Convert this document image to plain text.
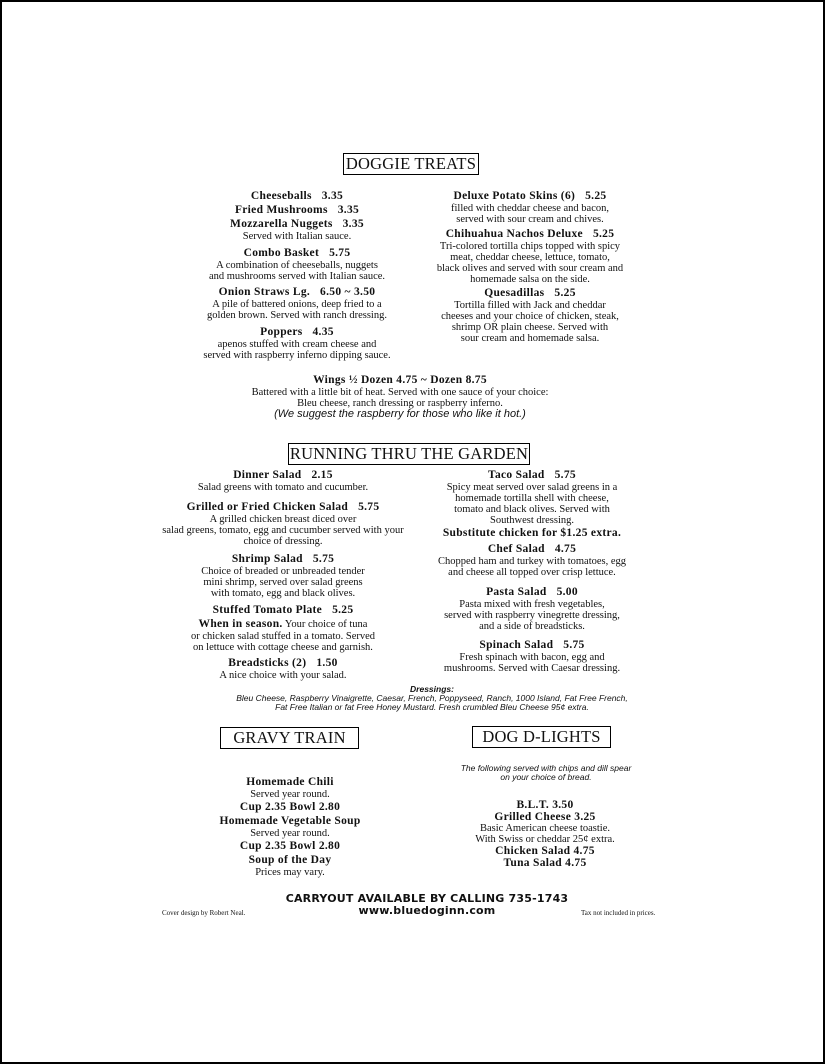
DOGGIE TREATS
Cheeseballs 3.35
Fried Mushrooms 3.35
Mozzarella Nuggets 3.35
Served with Italian sauce.
Combo Basket 5.75
A combination of cheeseballs, nuggets
and mushrooms served with Italian sauce.
Onion Straws Lg. 6.50 ~ 3.50
A pile of battered onions, deep fried to a
golden brown. Served with ranch dressing.
Poppers 4.35
apenos stuffed with cream cheese and
served with raspberry inferno dipping sauce.
Deluxe Potato Skins (6) 5.25
filled with cheddar cheese and bacon,
served with sour cream and chives.
Chihuahua Nachos Deluxe 5.25
Tri-colored tortilla chips topped with spicy
meat, cheddar cheese, lettuce, tomato,
black olives and served with sour cream and
homemade salsa on the side.
Quesadillas 5.25
Tortilla filled with Jack and cheddar
cheeses and your choice of chicken, steak,
shrimp OR plain cheese. Served with
sour cream and homemade salsa.
Wings ½ Dozen 4.75 ~ Dozen 8.75
Battered with a little bit of heat. Served with one sauce of your choice:
Bleu cheese, ranch dressing or raspberry inferno.
(We suggest the raspberry for those who like it hot.)
RUNNING THRU THE GARDEN
Dinner Salad 2.15
Salad greens with tomato and cucumber.
Grilled or Fried Chicken Salad 5.75
A grilled chicken breast diced over
salad greens, tomato, egg and cucumber served with your
choice of dressing.
Shrimp Salad 5.75
Choice of breaded or unbreaded tender
mini shrimp, served over salad greens
with tomato, egg and black olives.
Stuffed Tomato Plate 5.25
When in season. Your choice of tuna
or chicken salad stuffed in a tomato. Served
on lettuce with cottage cheese and garnish.
Breadsticks (2) 1.50
A nice choice with your salad.
Taco Salad 5.75
Spicy meat served over salad greens in a
homemade tortilla shell with cheese,
tomato and black olives. Served with
Southwest dressing.
Substitute chicken for $1.25 extra.
Chef Salad 4.75
Chopped ham and turkey with tomatoes, egg
and cheese all topped over crisp lettuce.
Pasta Salad 5.00
Pasta mixed with fresh vegetables,
served with raspberry vinegrette dressing,
and a side of breadsticks.
Spinach Salad 5.75
Fresh spinach with bacon, egg and
mushrooms. Served with Caesar dressing.
Dressings:
Bleu Cheese, Raspberry Vinaigrette, Caesar, French, Poppyseed, Ranch, 1000 Island, Fat Free French,
Fat Free Italian or fat Free Honey Mustard. Fresh crumbled Bleu Cheese 95¢ extra.
GRAVY TRAIN
Homemade Chili
Served year round.
Cup 2.35 Bowl 2.80
Homemade Vegetable Soup
Served year round.
Cup 2.35 Bowl 2.80
Soup of the Day
Prices may vary.
DOG D-LIGHTS
The following served with chips and dill spear
on your choice of bread.
B.L.T. 3.50
Grilled Cheese 3.25
Basic American cheese toastie.
With Swiss or cheddar 25¢ extra.
Chicken Salad 4.75
Tuna Salad 4.75
CARRYOUT AVAILABLE BY CALLING 735-1743
www.bluedoginn.com
Cover design by Robert Neal.	Tax not included in prices.
